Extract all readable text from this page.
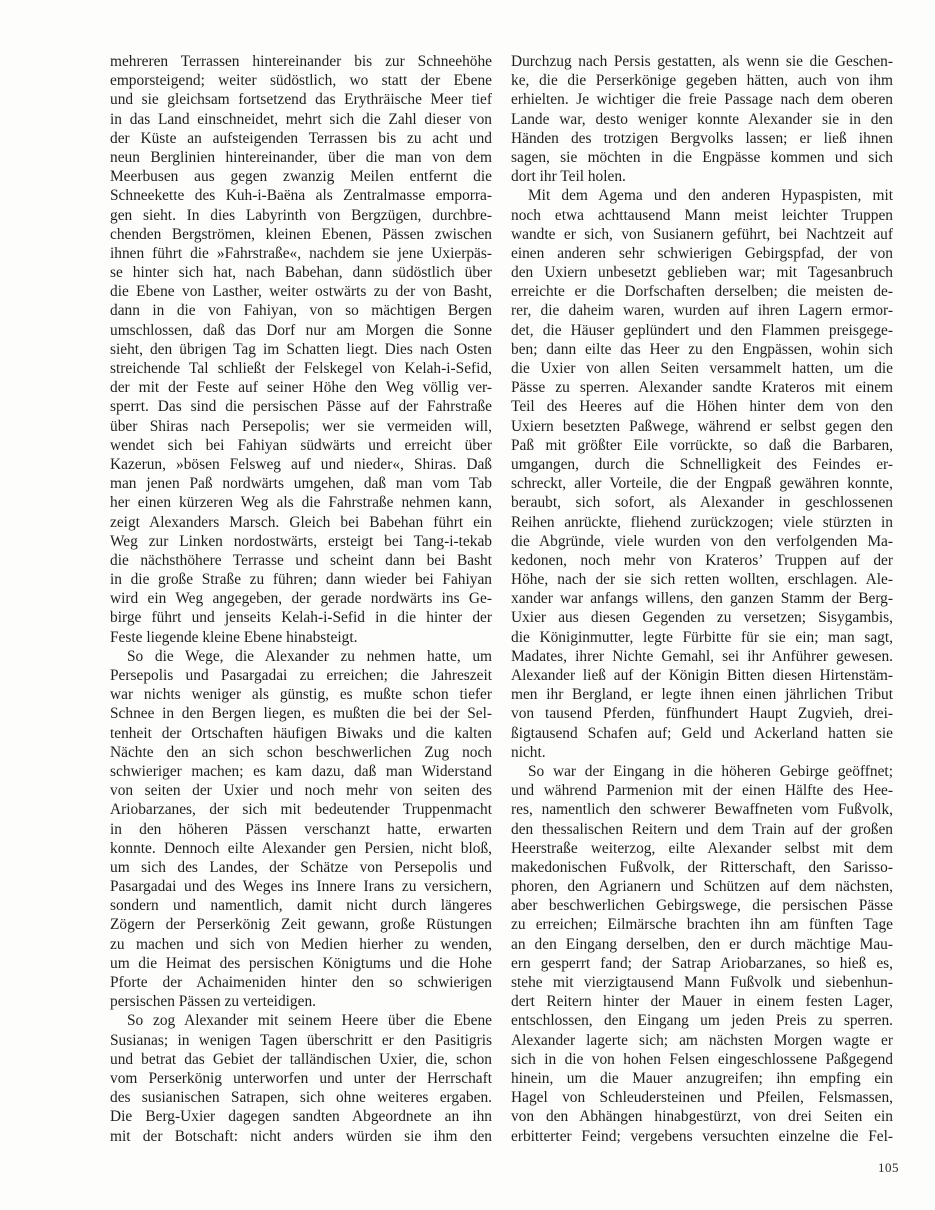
mehreren Terrassen hintereinander bis zur Schneehöhe
emporsteigend; weiter südöstlich, wo statt der Ebene
und sie gleichsam fortsetzend das Erythräische Meer tief
in das Land einschneidet, mehrt sich die Zahl dieser von
der Küste an aufsteigenden Terrassen bis zu acht und
neun Berglinien hintereinander, über die man von dem
Meerbusen aus gegen zwanzig Meilen entfernt die
Schneekette des Kuh-i-Baëna als Zentralmasse emporra-
gen sieht. In dies Labyrinth von Bergzügen, durchbre-
chenden Bergströmen, kleinen Ebenen, Pässen zwischen
ihnen führt die »Fahrstraße«, nachdem sie jene Uxierpäs-
se hinter sich hat, nach Babehan, dann südöstlich über
die Ebene von Lasther, weiter ostwärts zu der von Basht,
dann in die von Fahiyan, von so mächtigen Bergen
umschlossen, daß das Dorf nur am Morgen die Sonne
sieht, den übrigen Tag im Schatten liegt. Dies nach Osten
streichende Tal schließt der Felskegel von Kelah-i-Sefid,
der mit der Feste auf seiner Höhe den Weg völlig ver-
sperrt. Das sind die persischen Pässe auf der Fahrstraße
über Shiras nach Persepolis; wer sie vermeiden will,
wendet sich bei Fahiyan südwärts und erreicht über
Kazerun, »bösen Felsweg auf und nieder«, Shiras. Daß
man jenen Paß nordwärts umgehen, daß man vom Tab
her einen kürzeren Weg als die Fahrstraße nehmen kann,
zeigt Alexanders Marsch. Gleich bei Babehan führt ein
Weg zur Linken nordostwärts, ersteigt bei Tang-i-tekab
die nächsthöhere Terrasse und scheint dann bei Basht
in die große Straße zu führen; dann wieder bei Fahiyan
wird ein Weg angegeben, der gerade nordwärts ins Ge-
birge führt und jenseits Kelah-i-Sefid in die hinter der
Feste liegende kleine Ebene hinabsteigt.
So die Wege, die Alexander zu nehmen hatte, um
Persepolis und Pasargadai zu erreichen; die Jahreszeit
war nichts weniger als günstig, es mußte schon tiefer
Schnee in den Bergen liegen, es mußten die bei der Sel-
tenheit der Ortschaften häufigen Biwaks und die kalten
Nächte den an sich schon beschwerlichen Zug noch
schwieriger machen; es kam dazu, daß man Widerstand
von seiten der Uxier und noch mehr von seiten des
Ariobarzanes, der sich mit bedeutender Truppenmacht
in den höheren Pässen verschanzt hatte, erwarten
konnte. Dennoch eilte Alexander gen Persien, nicht bloß,
um sich des Landes, der Schätze von Persepolis und
Pasargadai und des Weges ins Innere Irans zu versichern,
sondern und namentlich, damit nicht durch längeres
Zögern der Perserkönig Zeit gewann, große Rüstungen
zu machen und sich von Medien hierher zu wenden,
um die Heimat des persischen Königtums und die Hohe
Pforte der Achaimeniden hinter den so schwierigen
persischen Pässen zu verteidigen.
So zog Alexander mit seinem Heere über die Ebene
Susianas; in wenigen Tagen überschritt er den Pasitigris
und betrat das Gebiet der talländischen Uxier, die, schon
vom Perserkönig unterworfen und unter der Herrschaft
des susianischen Satrapen, sich ohne weiteres ergaben.
Die Berg-Uxier dagegen sandten Abgeordnete an ihn
mit der Botschaft: nicht anders würden sie ihm den
Durchzug nach Persis gestatten, als wenn sie die Geschen-
ke, die die Perserkönige gegeben hätten, auch von ihm
erhielten. Je wichtiger die freie Passage nach dem oberen
Lande war, desto weniger konnte Alexander sie in den
Händen des trotzigen Bergvolks lassen; er ließ ihnen
sagen, sie möchten in die Engpässe kommen und sich
dort ihr Teil holen.
Mit dem Agema und den anderen Hypaspisten, mit
noch etwa achttausend Mann meist leichter Truppen
wandte er sich, von Susianern geführt, bei Nachtzeit auf
einen anderen sehr schwierigen Gebirgspfad, der von
den Uxiern unbesetzt geblieben war; mit Tagesanbruch
erreichte er die Dorfschaften derselben; die meisten de-
rer, die daheim waren, wurden auf ihren Lagern ermor-
det, die Häuser geplündert und den Flammen preisgege-
ben; dann eilte das Heer zu den Engpässen, wohin sich
die Uxier von allen Seiten versammelt hatten, um die
Pässe zu sperren. Alexander sandte Krateros mit einem
Teil des Heeres auf die Höhen hinter dem von den
Uxiern besetzten Paßwege, während er selbst gegen den
Paß mit größter Eile vorrückte, so daß die Barbaren,
umgangen, durch die Schnelligkeit des Feindes er-
schreckt, aller Vorteile, die der Engpaß gewähren konnte,
beraubt, sich sofort, als Alexander in geschlossenen
Reihen anrückte, fliehend zurückzogen; viele stürzten in
die Abgründe, viele wurden von den verfolgenden Ma-
kedonen, noch mehr von Krateros’ Truppen auf der
Höhe, nach der sie sich retten wollten, erschlagen. Ale-
xander war anfangs willens, den ganzen Stamm der Berg-
Uxier aus diesen Gegenden zu versetzen; Sisygambis,
die Königinmutter, legte Fürbitte für sie ein; man sagt,
Madates, ihrer Nichte Gemahl, sei ihr Anführer gewesen.
Alexander ließ auf der Königin Bitten diesen Hirtenstäm-
men ihr Bergland, er legte ihnen einen jährlichen Tribut
von tausend Pferden, fünfhundert Haupt Zugvieh, drei-
ßigtausend Schafen auf; Geld und Ackerland hatten sie
nicht.
So war der Eingang in die höheren Gebirge geöffnet;
und während Parmenion mit der einen Hälfte des Hee-
res, namentlich den schwerer Bewaffneten vom Fußvolk,
den thessalischen Reitern und dem Train auf der großen
Heerstraße weiterzog, eilte Alexander selbst mit dem
makedonischen Fußvolk, der Ritterschaft, den Sarisso-
phoren, den Agrianern und Schützen auf dem nächsten,
aber beschwerlichen Gebirgswege, die persischen Pässe
zu erreichen; Eilmärsche brachten ihn am fünften Tage
an den Eingang derselben, den er durch mächtige Mau-
ern gesperrt fand; der Satrap Ariobarzanes, so hieß es,
stehe mit vierzigtausend Mann Fußvolk und siebenhun-
dert Reitern hinter der Mauer in einem festen Lager,
entschlossen, den Eingang um jeden Preis zu sperren.
Alexander lagerte sich; am nächsten Morgen wagte er
sich in die von hohen Felsen eingeschlossene Paßgegend
hinein, um die Mauer anzugreifen; ihn empfing ein
Hagel von Schleudersteinen und Pfeilen, Felsmassen,
von den Abhängen hinabgestürzt, von drei Seiten ein
erbitterter Feind; vergebens versuchten einzelne die Fel-
105
